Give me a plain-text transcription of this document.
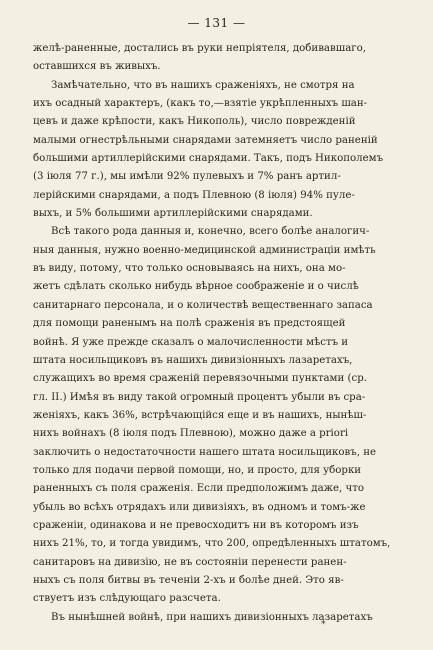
— 131 —

желѣ-раненные, достались въ руки непріятеля, добивавшаго,
оставшихся въ живыхъ.

Замѣчательно, что въ нашихъ сраженіяхъ, не смотря на
ихъ осадный характеръ, (какъ то,—взятіе укрѣпленныхъ шан-
цевъ и даже крѣпости, какъ Никополь), число повреждeній
малыми огнестрѣльными снарядами затемняетъ число раненій
большими артиллерійскими снарядами. Такъ, подъ Никополемъ
(3 іюля 77 г.), мы имѣли 92% пулевыхъ и 7% ранъ артил-
лерійскими снарядами, а подъ Плевною (8 іюля) 94% пуле-
выхъ, и 5% большими артиллерійскими снарядами.

Всѣ такого рода данныя и, конечно, всего болѣе аналогич-
ныя данныя, нужно военно-медицинской администраціи имѣть
въ виду, потому, что только основываясь на нихъ, она мо-
жетъ сдѣлать сколько нибудь вѣрное соображеніе и о числѣ
санитарнаго персонала, и о количествѣ вещественнаго запаса
для помощи раненымъ на полѣ сраженія въ предстоящей
войнѣ. Я уже прежде сказалъ о малочисленности мѣстъ и
штата носильщиковъ въ нашихъ дивизіонныхъ лазаретахъ,
служащихъ во время сраженій перевязочными пунктами (ср.
гл. II.) Имѣя въ виду такой огромный процентъ убыли въ сра-
женіяхъ, какъ 36%, встрѣчающійся еще и въ нашихъ, нынѣш-
нихъ войнахъ (8 іюля подъ Плевною), можно даже a priori
заключить о недостаточности нашего штата носильщиковъ, не
только для подачи первой помощи, но, и просто, для уборки
раненныхъ съ поля сраженія. Если предположимъ даже, что
убыль во всѣхъ отрядахъ или дивизіяхъ, въ одномъ и томъ-же
сраженіи, одинакова и не превосходитъ ни въ которомъ изъ
нихъ 21%, то, и тогда увидимъ, что 200, опредѣленныхъ штатомъ,
санитаровъ на дивизію, не въ состояніи перенести ранен-
ныхъ съ поля битвы въ теченіи 2-хъ и болѣе дней. Это яв-
ствуетъ изъ слѣдующаго разсчета.

Въ нынѣшней войнѣ, при нашихъ дивизіонныхъ лазаретахъ

*
